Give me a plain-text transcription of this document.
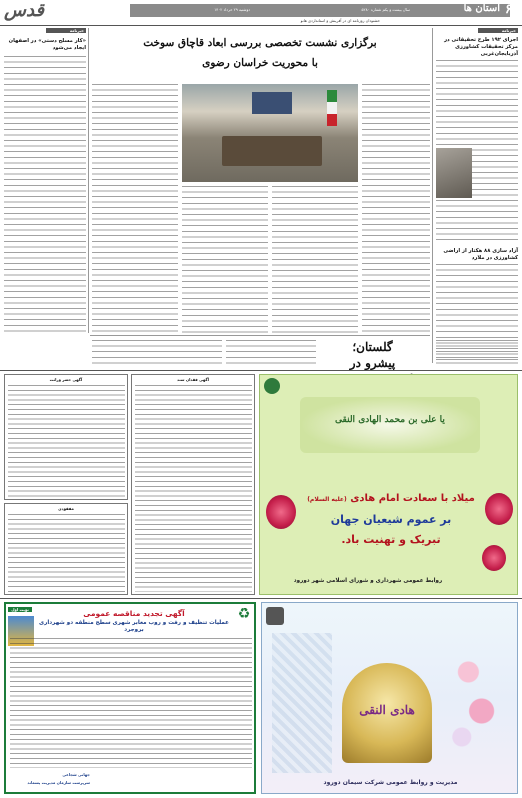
۶
استان ها
سال بیست و یکم شماره ۵۲۸۰
دوشنبه ۲۹ خرداد ۱۴۰۲
قدس	خشنودان روزنامه ای در آفرینش و استانداردی هانو
خبرنامه
اجرای ۱۹۲ طرح تحقیقاتی در مرکز تحقیقات کشاورزی آذربایجان‌غربی
آزاد سازی ۸۸ هکتار از اراضی کشاورزی در ملارد
برگزاری نشست تخصصی بررسی ابعاد قاچاق سوخت
با محوریت خراسان رضوی
خبرنامه
«کار مسلح دستی» در اصفهان ایجاد می‌شود
گلستان؛
پیشرو در
آگهی حصر وراثت
مفقودی
آگهی فقدان سند
یا علی بن محمد الهادی النقی
میلاد با سعادت امام هادی (علیه السلام)
بر عموم شیعیان جهان
تبریک و تهنیت باد.
روابط عمومی شهرداری و شورای اسلامی شهر دورود
♻
نوبت اول	آگهی تجدید مناقصه عمومی
عملیات تنظیف و رفت و روب معابر شهری سطح منطقه دو شهرداری بروجرد
جهانی شجاعی
سرپرست سازمان مدیریت پسماند
هادی النقی
مدیریت و روابط عمومی شرکت سیمان دورود
